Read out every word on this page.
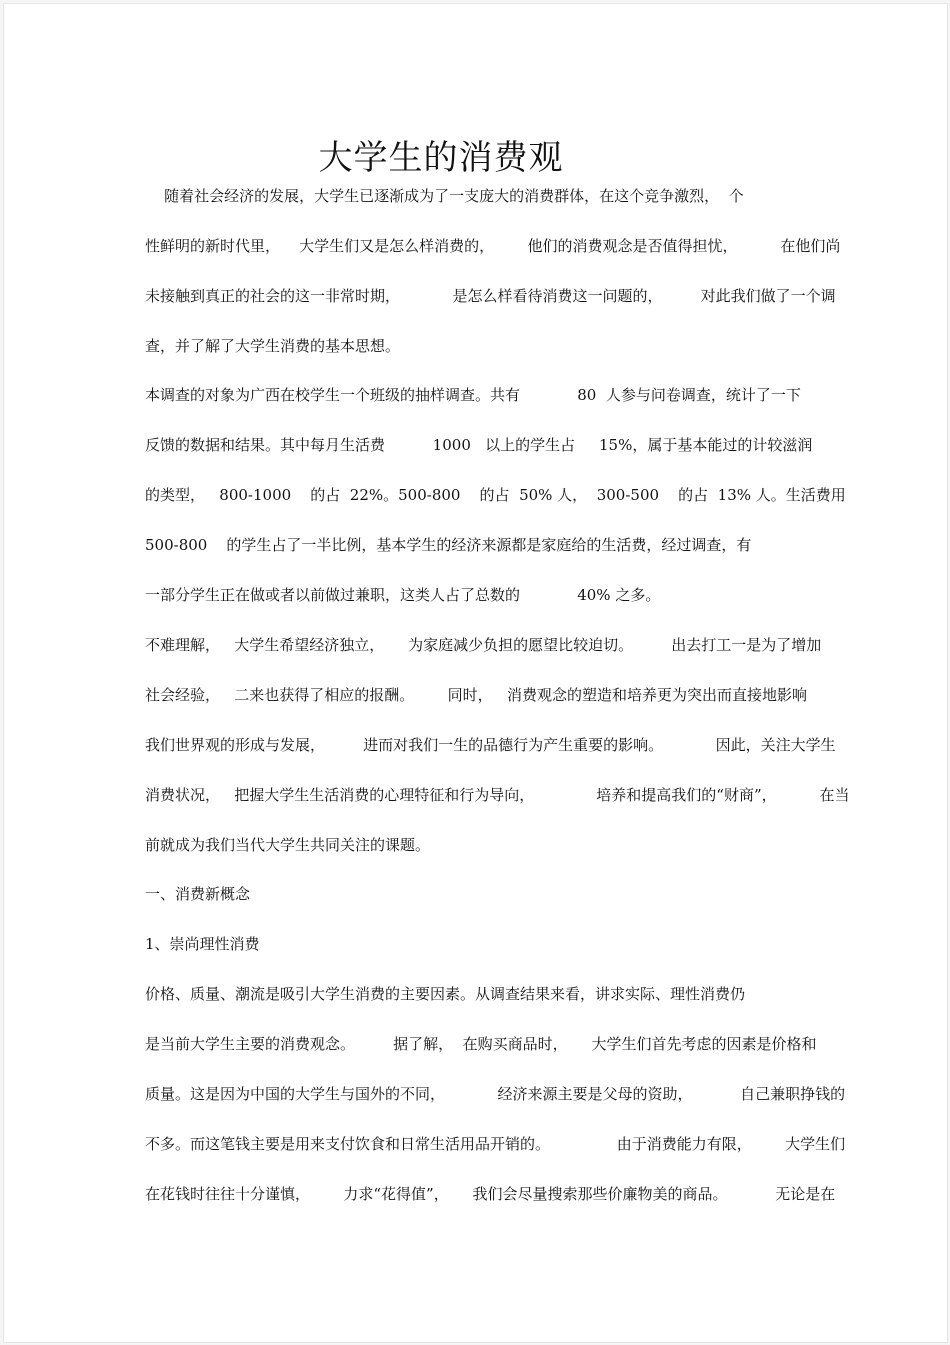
大学生的消费观
随着社会经济的发展，大学生已逐渐成为了一支庞大的消费群体，在这个竞争激烈，  个
性鲜明的新时代里，    大学生们又是怎么样消费的，       他们的消费观念是否值得担忧，         在他们尚
未接触到真正的社会的这一非常时期，           是怎么样看待消费这一问题的，        对此我们做了一个调
查，并了解了大学生消费的基本思想。
本调查的对象为广西在校学生一个班级的抽样调查。共有            80  人参与问卷调查，统计了一下
反馈的数据和结果。其中每月生活费          1000   以上的学生占     15%，属于基本能过的计较滋润
的类型，   800-1000    的占  22%。500-800    的占  50% 人，  300-500    的占  13% 人。生活费用
500-800    的学生占了一半比例，基本学生的经济来源都是家庭给的生活费，经过调查，有
一部分学生正在做或者以前做过兼职，这类人占了总数的            40% 之多。
不难理解，   大学生希望经济独立，     为家庭减少负担的愿望比较迫切。        出去打工一是为了增加
社会经验，   二来也获得了相应的报酬。       同时，   消费观念的塑造和培养更为突出而直接地影响
我们世界观的形成与发展，        进而对我们一生的品德行为产生重要的影响。           因此，关注大学生
消费状况，   把握大学生生活消费的心理特征和行为导向，             培养和提高我们的“财商”，         在当
前就成为我们当代大学生共同关注的课题。
一、消费新概念
1、崇尚理性消费
价格、质量、潮流是吸引大学生消费的主要因素。从调查结果来看，讲求实际、理性消费仍
是当前大学生主要的消费观念。        据了解，  在购买商品时，     大学生们首先考虑的因素是价格和
质量。这是因为中国的大学生与国外的不同，           经济来源主要是父母的资助，          自己兼职挣钱的
不多。而这笔钱主要是用来支付饮食和日常生活用品开销的。              由于消费能力有限，       大学生们
在花钱时往往十分谨慎，       力求“花得值”，     我们会尽量搜索那些价廉物美的商品。          无论是在
